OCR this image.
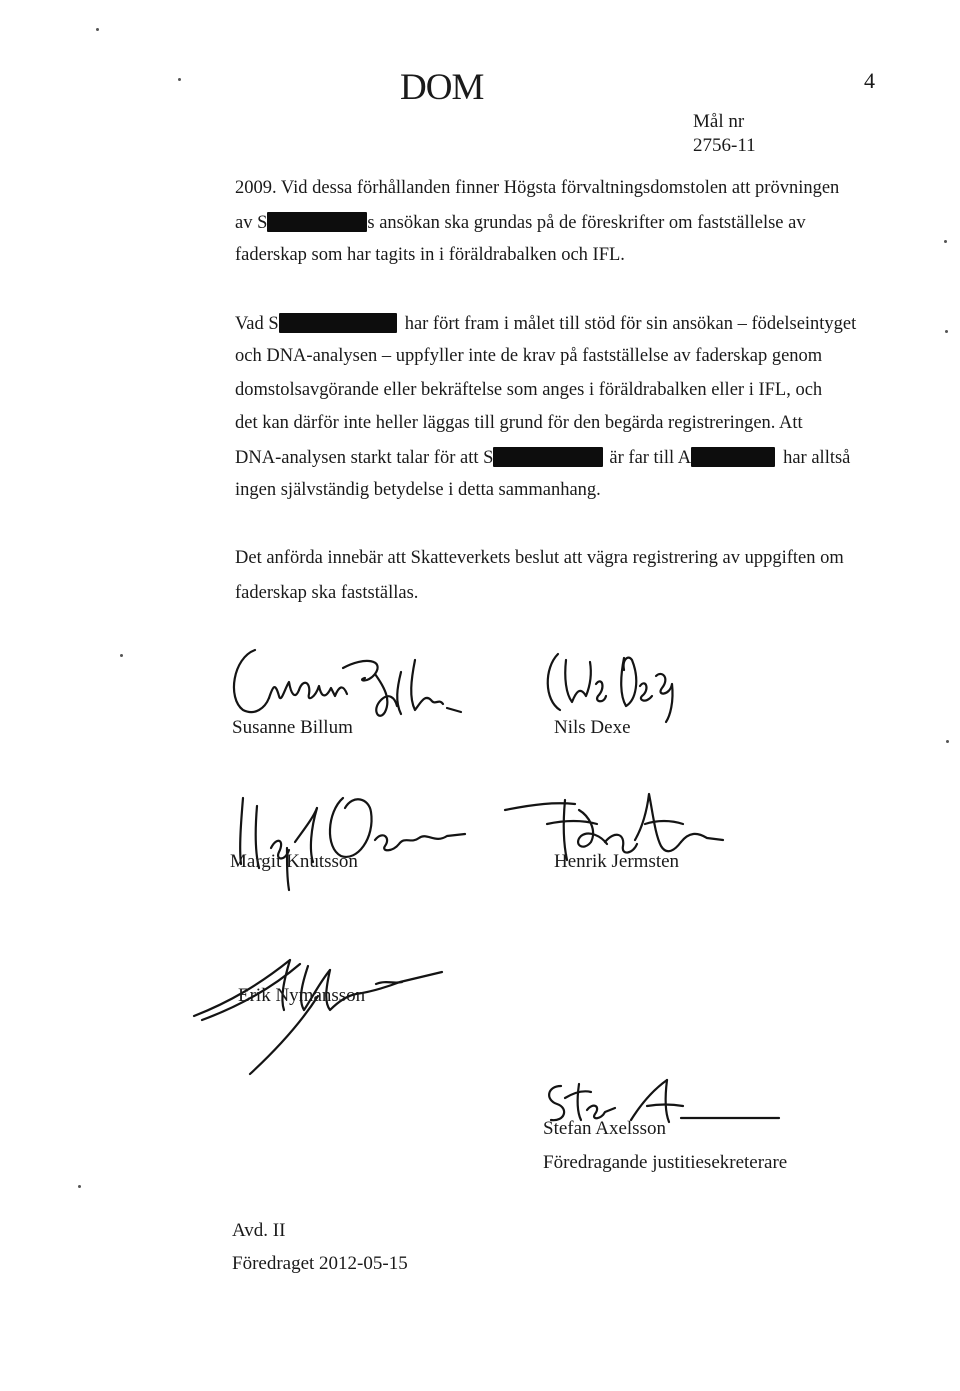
DOM	4
Mål nr
2756-11
2009. Vid dessa förhållanden finner Högsta förvaltningsdomstolen att prövningen
av S	s ansökan ska grundas på de föreskrifter om fastställelse av
faderskap som har tagits in i föräldrabalken och IFL.
Vad S	har fört fram i målet till stöd för sin ansökan – födelseintyget
och DNA-analysen – uppfyller inte de krav på fastställelse av faderskap genom
domstolsavgörande eller bekräftelse som anges i föräldrabalken eller i IFL, och
det kan därför inte heller läggas till grund för den begärda registreringen. Att
DNA-analysen starkt talar för att S	är far till A	har alltså
ingen självständig betydelse i detta sammanhang.
Det anförda innebär att Skatteverkets beslut att vägra registrering av uppgiften om
faderskap ska fastställas.
Susanne Billum	Nils Dexe
Margit Knutsson	Henrik Jermsten
Erik Nymansson
Stefan Axelsson
Föredragande justitiesekreterare
Avd. II
Föredraget 2012-05-15
